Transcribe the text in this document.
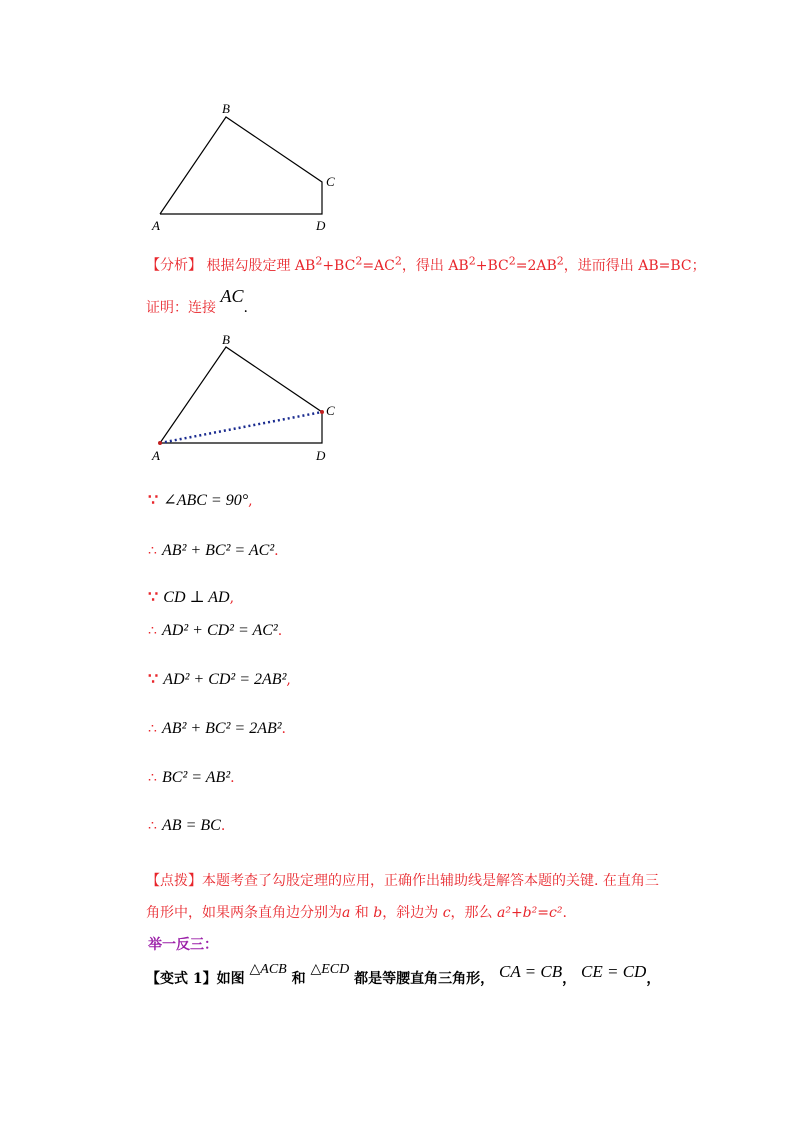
A
B
C
D
【分析】 根据勾股定理 $AB^2+BC^2=AC^2$，得出 $AB^2+BC^2=2AB^2$，进而得出 AB=BC；
证明：连接 AC.
A
B
C
D
∵ ∠ABC = 90°,
∴ AB² + BC² = AC².
∵ CD ⊥ AD,
∴ AD² + CD² = AC².
∵ AD² + CD² = 2AB²,
∴ AB² + BC² = 2AB².
∴ BC² = AB².
∴ AB = BC.
【点拨】本题考查了勾股定理的应用，正确作出辅助线是解答本题的关键. 在直角三
角形中，如果两条直角边分别为a 和 b，斜边为 c，那么 a²+b²=c².
举一反三：
【变式 1】如图 △ACB 和 △ECD 都是等腰直角三角形， CA = CB， CE = CD，
